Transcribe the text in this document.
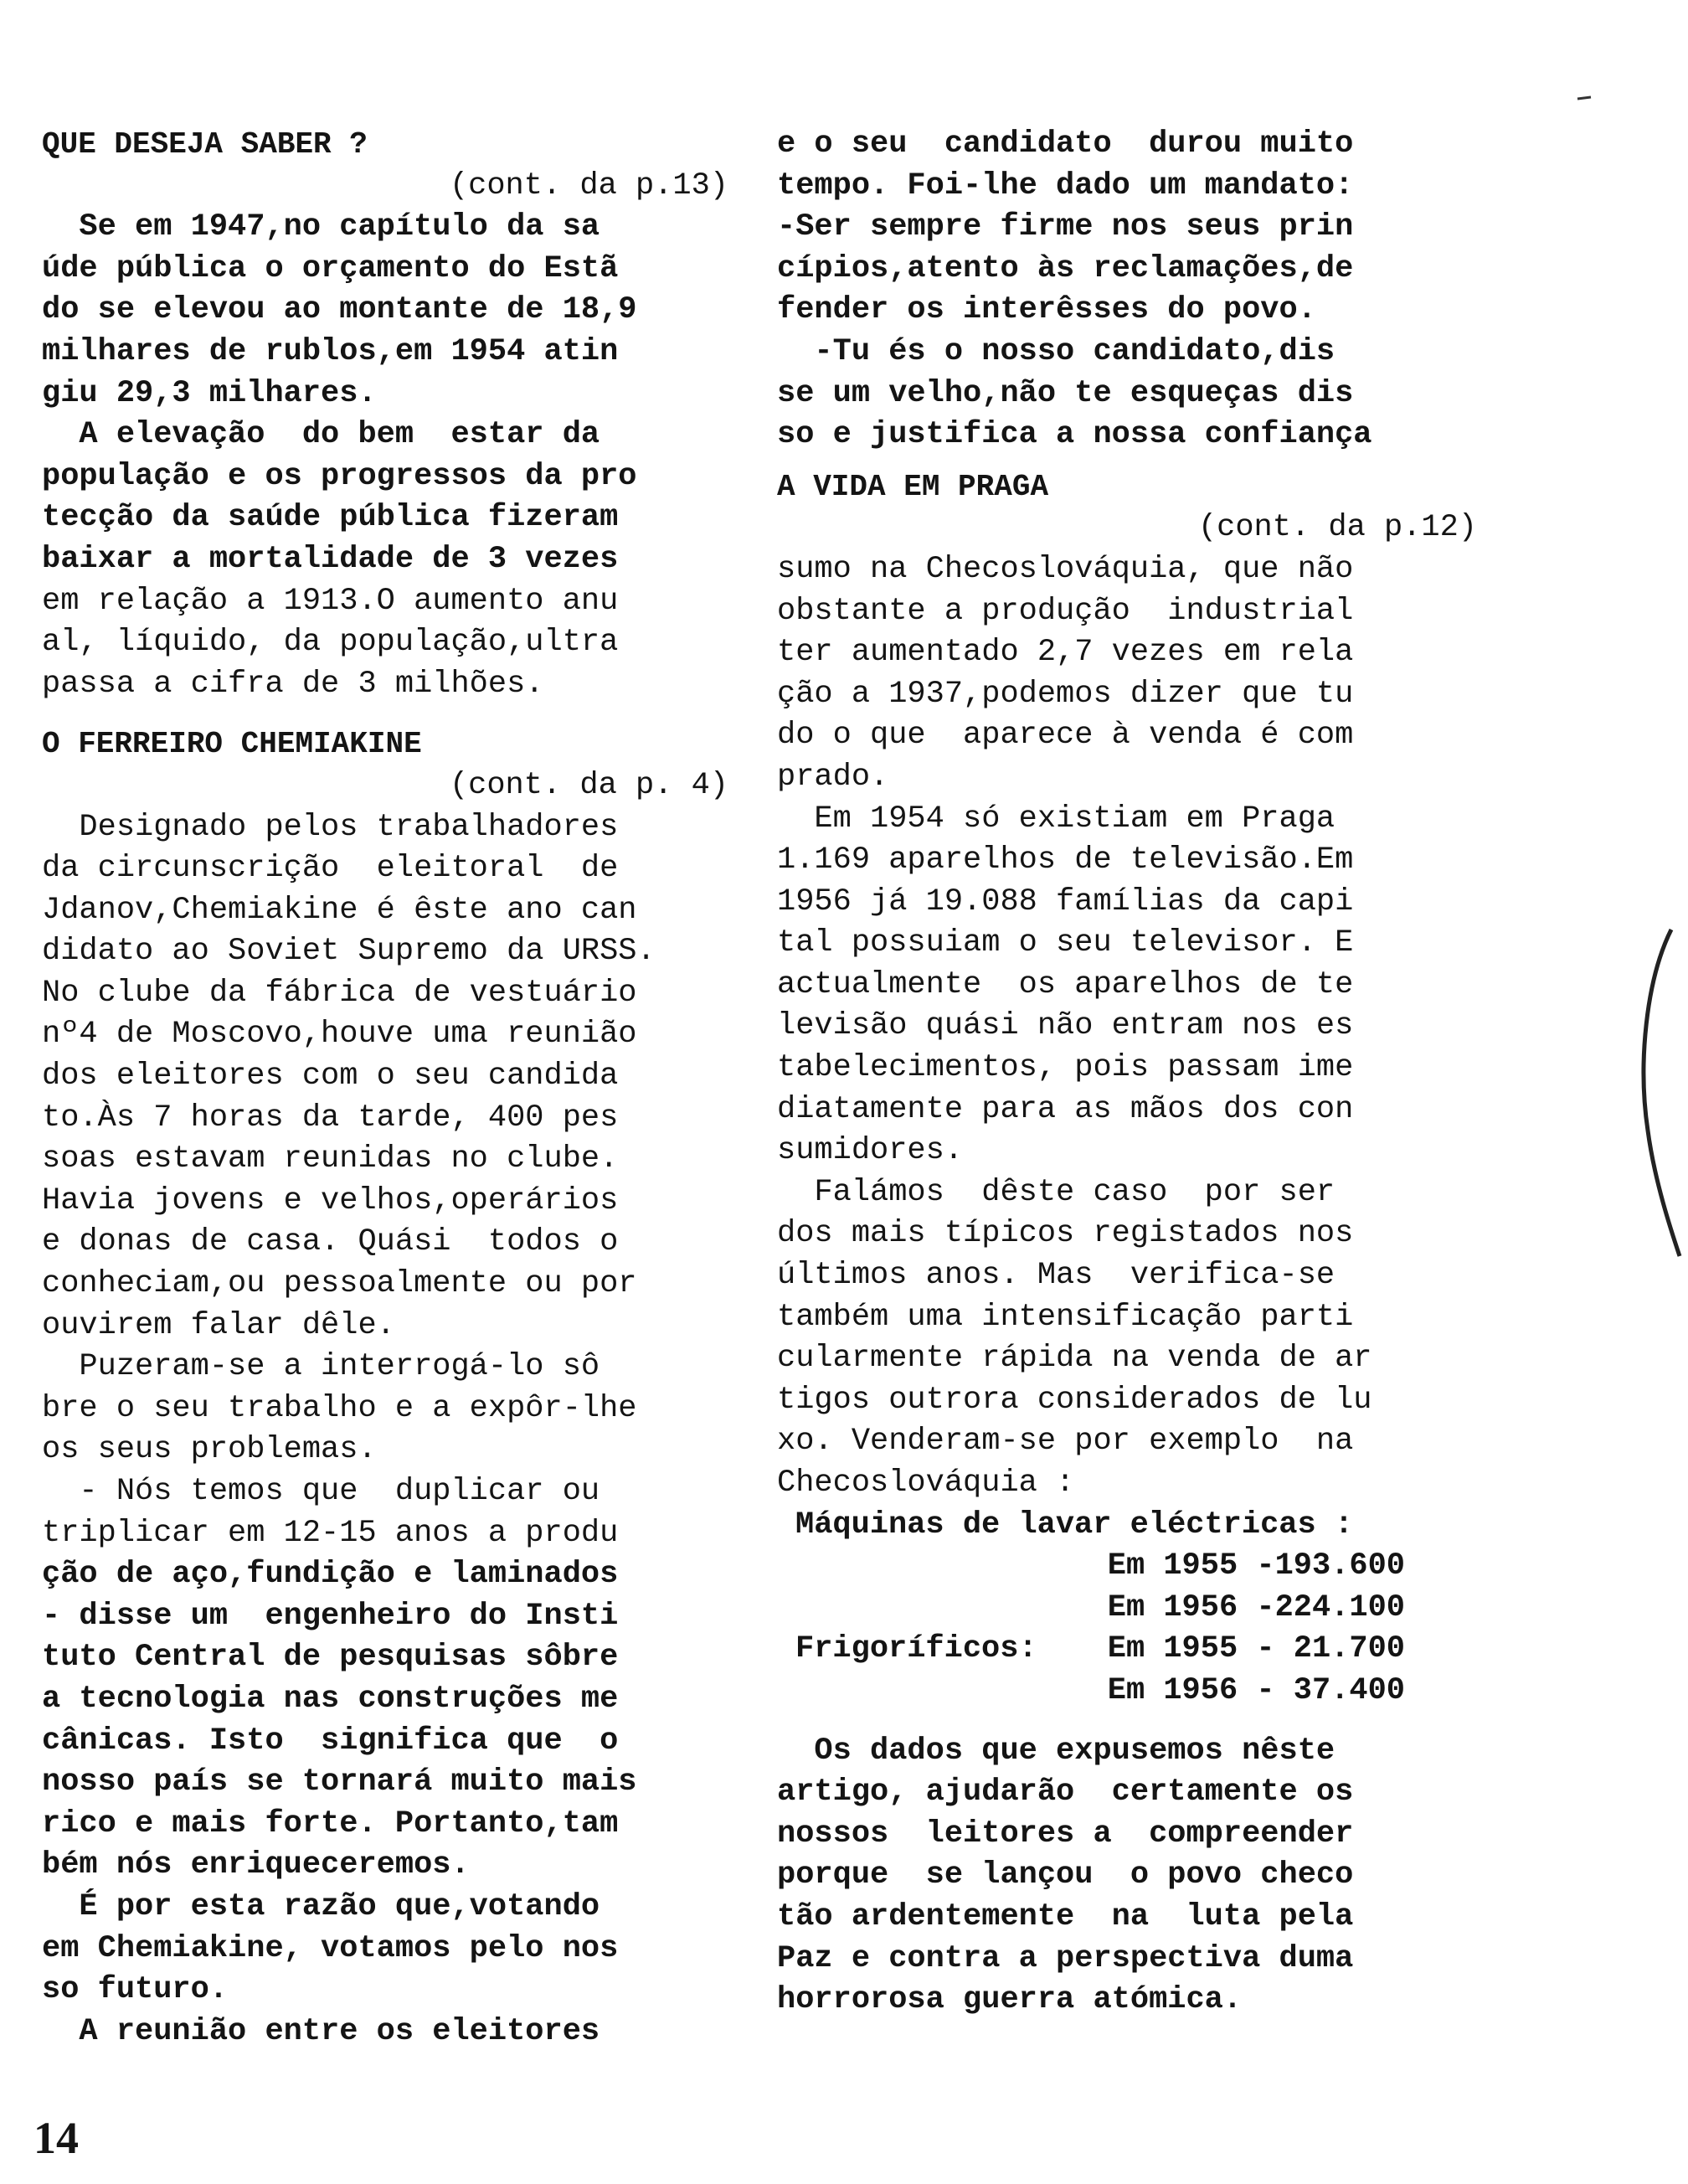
QUE DESEJA SABER ?
(cont. da p.13)
Se em 1947,no capítulo da sa
úde pública o orçamento do Estã
do se elevou ao montante de 18,9
milhares de rublos,em 1954 atin
giu 29,3 milhares.
A elevação  do bem  estar da
população e os progressos da pro
tecção da saúde pública fizeram
baixar a mortalidade de 3 vezes
em relação a 1913.O aumento anu
al, líquido, da população,ultra
passa a cifra de 3 milhões.
O FERREIRO CHEMIAKINE
(cont. da p. 4)
Designado pelos trabalhadores
da circunscrição  eleitoral  de
Jdanov,Chemiakine é êste ano can
didato ao Soviet Supremo da URSS.
No clube da fábrica de vestuário
nº4 de Moscovo,houve uma reunião
dos eleitores com o seu candida
to.Às 7 horas da tarde, 400 pes
soas estavam reunidas no clube.
Havia jovens e velhos,operários
e donas de casa. Quási  todos o
conheciam,ou pessoalmente ou por
ouvirem falar dêle.
Puzeram-se a interrogá-lo sô
bre o seu trabalho e a expôr-lhe
os seus problemas.
- Nós temos que  duplicar ou
triplicar em 12-15 anos a produ
ção de aço,fundição e laminados
- disse um  engenheiro do Insti
tuto Central de pesquisas sôbre
a tecnologia nas construções me
cânicas. Isto  significa que  o
nosso país se tornará muito mais
rico e mais forte. Portanto,tam
bém nós enriqueceremos.
É por esta razão que,votando
em Chemiakine, votamos pelo nos
so futuro.
A reunião entre os eleitores
e o seu  candidato  durou muito
tempo. Foi-lhe dado um mandato:
-Ser sempre firme nos seus prin
cípios,atento às reclamações,de
fender os interêsses do povo.
-Tu és o nosso candidato,dis
se um velho,não te esqueças dis
so e justifica a nossa confiança
A VIDA EM PRAGA
(cont. da p.12)
sumo na Checoslováquia, que não
obstante a produção  industrial
ter aumentado 2,7 vezes em rela
ção a 1937,podemos dizer que tu
do o que  aparece à venda é com
prado.
Em 1954 só existiam em Praga
1.169 aparelhos de televisão.Em
1956 já 19.088 famílias da capi
tal possuiam o seu televisor. E
actualmente  os aparelhos de te
levisão quási não entram nos es
tabelecimentos, pois passam ime
diatamente para as mãos dos con
sumidores.
Falámos  dêste caso  por ser
dos mais típicos registados nos
últimos anos. Mas  verifica-se
também uma intensificação parti
cularmente rápida na venda de ar
tigos outrora considerados de lu
xo. Venderam-se por exemplo  na
Checoslováquia :
Máquinas de lavar eléctricas :
Em 1955 -193.600
Em 1956 -224.100
Frigoríficos: Em 1955 - 21.700
Em 1956 - 37.400
Os dados que expusemos nêste
artigo, ajudarão  certamente os
nossos  leitores a  compreender
porque  se lançou  o povo checo
tão ardentemente  na  luta pela
Paz e contra a perspectiva duma
horrorosa guerra atómica.
14
